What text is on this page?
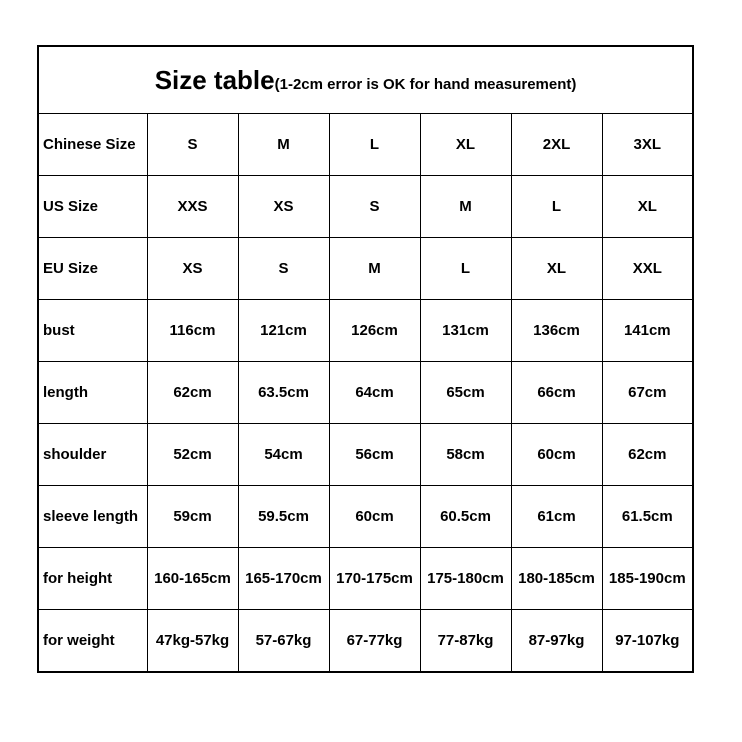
Size table(1-2cm error is OK for hand measurement)						
Chinese Size	S	M	L	XL	2XL	3XL
US Size	XXS	XS	S	M	L	XL
EU Size	XS	S	M	L	XL	XXL
bust	116cm	121cm	126cm	131cm	136cm	141cm
length	62cm	63.5cm	64cm	65cm	66cm	67cm
shoulder	52cm	54cm	56cm	58cm	60cm	62cm
sleeve length	59cm	59.5cm	60cm	60.5cm	61cm	61.5cm
for height	160-165cm	165-170cm	170-175cm	175-180cm	180-185cm	185-190cm
for weight	47kg-57kg	57-67kg	67-77kg	77-87kg	87-97kg	97-107kg
